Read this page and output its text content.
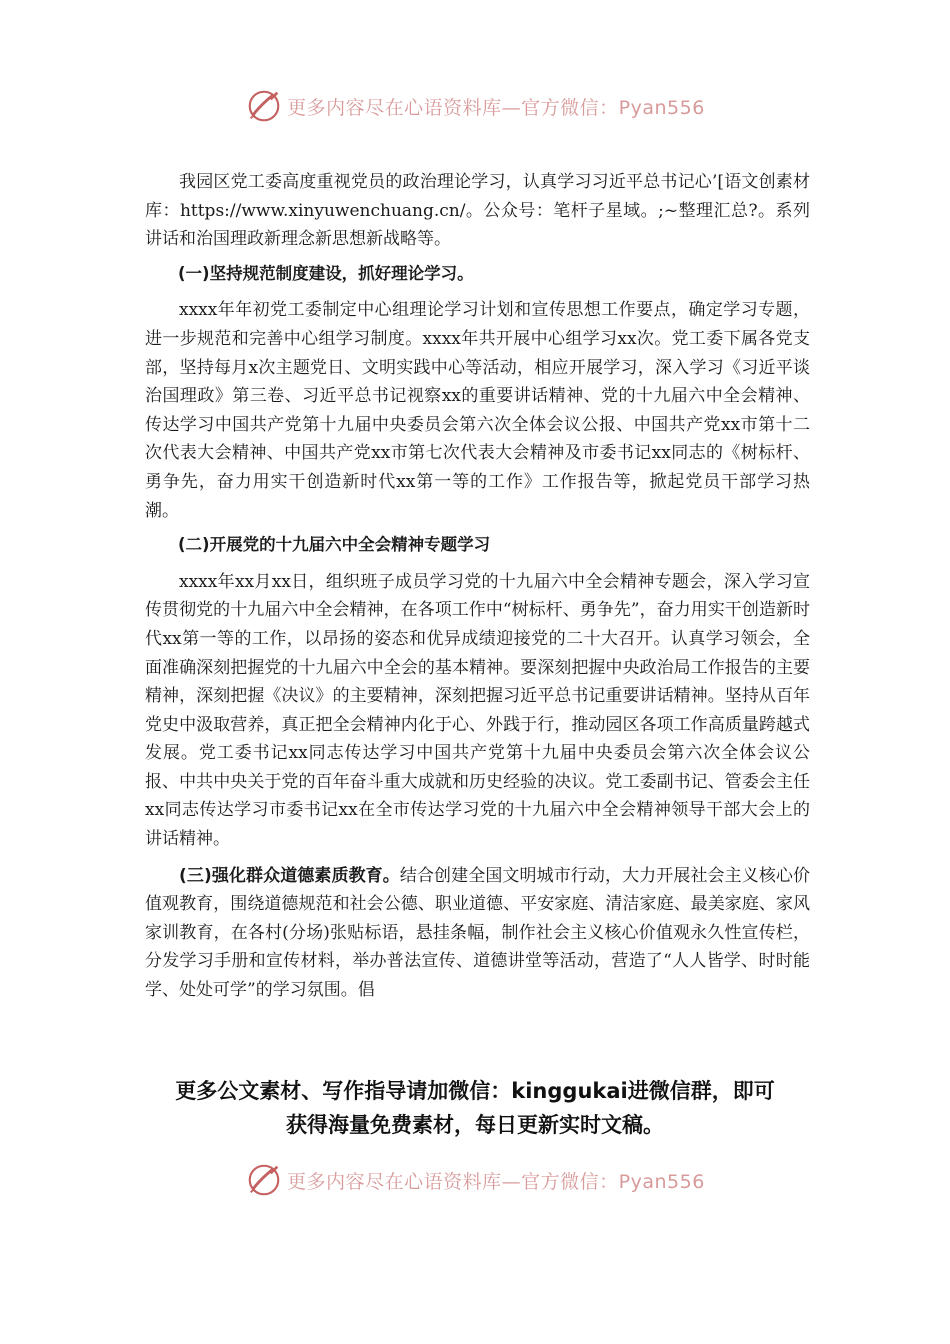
更多内容尽在心语资料库—官方微信：Pyan556

我园区党工委高度重视党员的政治理论学习，认真学习习近平总书记心’[语文创素材库：https://www.xinyuwenchuang.cn/。公众号：笔杆子星域。;~整理汇总?。系列讲话和治国理政新理念新思想新战略等。

(一)坚持规范制度建设，抓好理论学习。

xxxx年年初党工委制定中心组理论学习计划和宣传思想工作要点，确定学习专题，进一步规范和完善中心组学习制度。xxxx年共开展中心组学习xx次。党工委下属各党支部，坚持每月x次主题党日、文明实践中心等活动，相应开展学习，深入学习《习近平谈治国理政》第三卷、习近平总书记视察xx的重要讲话精神、党的十九届六中全会精神、传达学习中国共产党第十九届中央委员会第六次全体会议公报、中国共产党xx市第十二次代表大会精神、中国共产党xx市第七次代表大会精神及市委书记xx同志的《树标杆、勇争先，奋力用实干创造新时代xx第一等的工作》工作报告等，掀起党员干部学习热潮。

(二)开展党的十九届六中全会精神专题学习

xxxx年xx月xx日，组织班子成员学习党的十九届六中全会精神专题会，深入学习宣传贯彻党的十九届六中全会精神，在各项工作中“树标杆、勇争先”，奋力用实干创造新时代xx第一等的工作，以昂扬的姿态和优异成绩迎接党的二十大召开。认真学习领会，全面准确深刻把握党的十九届六中全会的基本精神。要深刻把握中央政治局工作报告的主要精神，深刻把握《决议》的主要精神，深刻把握习近平总书记重要讲话精神。坚持从百年党史中汲取营养，真正把全会精神内化于心、外践于行，推动园区各项工作高质量跨越式发展。党工委书记xx同志传达学习中国共产党第十九届中央委员会第六次全体会议公报、中共中央关于党的百年奋斗重大成就和历史经验的决议。党工委副书记、管委会主任xx同志传达学习市委书记xx在全市传达学习党的十九届六中全会精神领导干部大会上的讲话精神。

(三)强化群众道德素质教育。结合创建全国文明城市行动，大力开展社会主义核心价值观教育，围绕道德规范和社会公德、职业道德、平安家庭、清洁家庭、最美家庭、家风家训教育，在各村(分场)张贴标语，悬挂条幅，制作社会主义核心价值观永久性宣传栏，分发学习手册和宣传材料，举办普法宣传、道德讲堂等活动，营造了“人人皆学、时时能学、处处可学”的学习氛围。倡

更多公文素材、写作指导请加微信：kinggukai进微信群，即可
获得海量免费素材，每日更新实时文稿。
更多内容尽在心语资料库—官方微信：Pyan556
